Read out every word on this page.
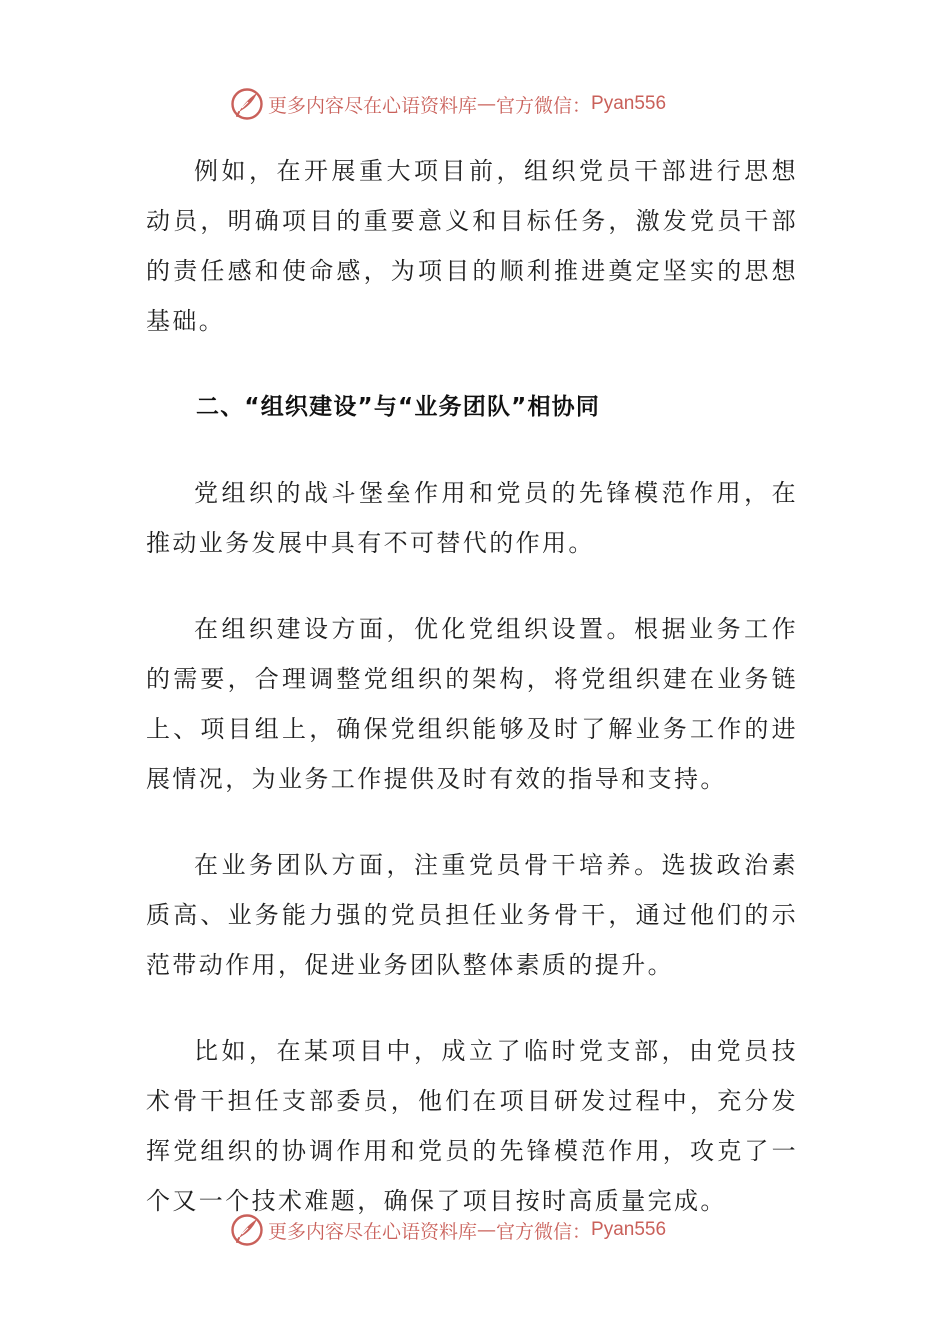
更多内容尽在心语资料库 — 官方微信： Pyan556

例如，在开展重大项目前，组织党员干部进行思想动员，明确项目的重要意义和目标任务，激发党员干部的责任感和使命感，为项目的顺利推进奠定坚实的思想基础。

二、“组织建设”与“业务团队”相协同

党组织的战斗堡垒作用和党员的先锋模范作用，在推动业务发展中具有不可替代的作用。

在组织建设方面，优化党组织设置。根据业务工作的需要，合理调整党组织的架构，将党组织建在业务链上、项目组上，确保党组织能够及时了解业务工作的进展情况，为业务工作提供及时有效的指导和支持。

在业务团队方面，注重党员骨干培养。选拔政治素质高、业务能力强的党员担任业务骨干，通过他们的示范带动作用，促进业务团队整体素质的提升。

比如，在某项目中，成立了临时党支部，由党员技术骨干担任支部委员，他们在项目研发过程中，充分发挥党组织的协调作用和党员的先锋模范作用，攻克了一个又一个技术难题，确保了项目按时高质量完成。

更多内容尽在心语资料库 — 官方微信： Pyan556
